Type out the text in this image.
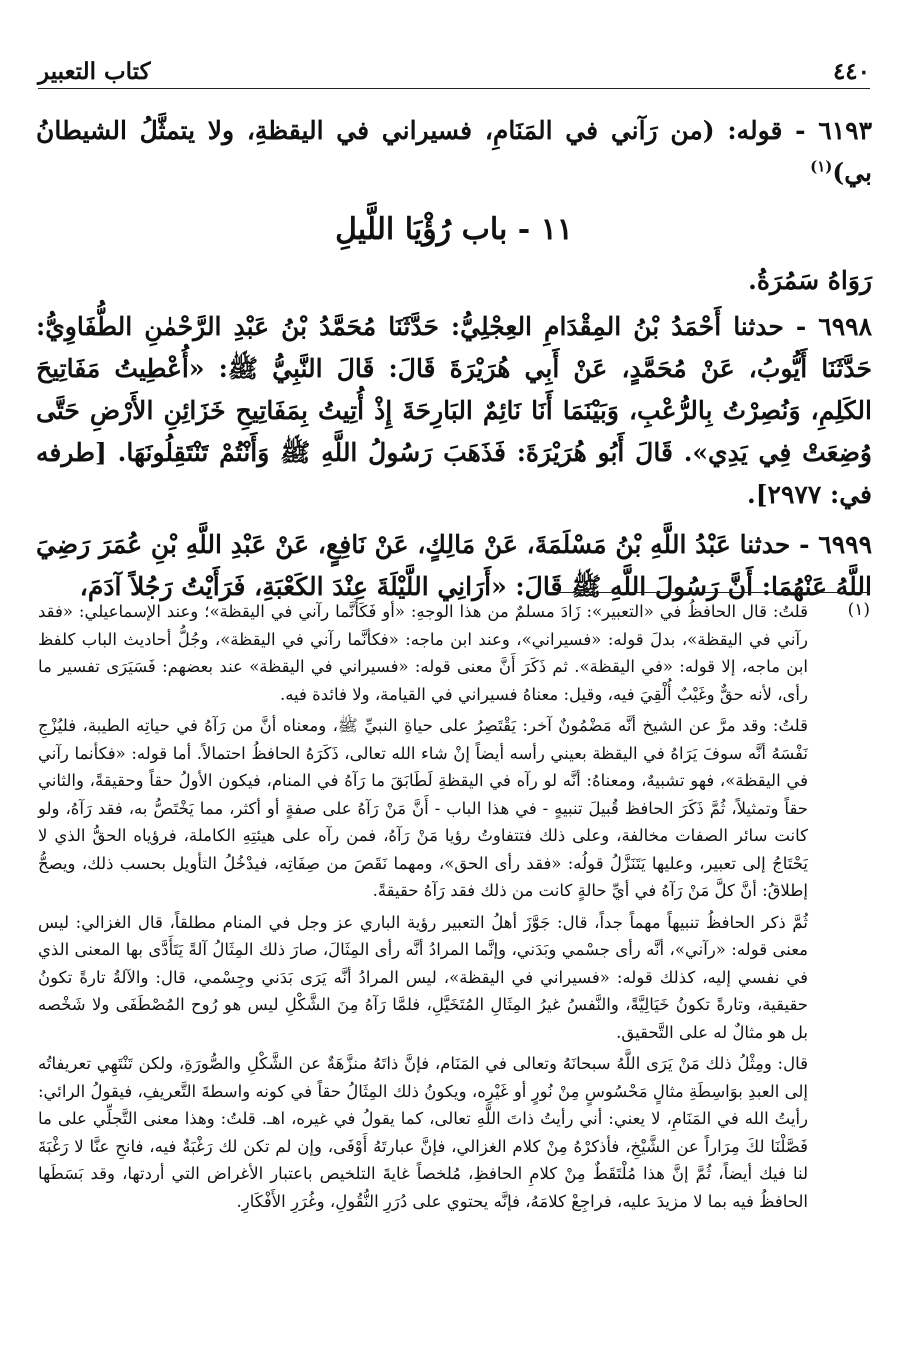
٤٤٠
كتاب التعبير

٦١٩٣ - قوله: (من رَآني في المَنَامِ، فسيراني في اليقظةِ، ولا يتمثَّلُ الشيطانُ بي)$^{(١)}$

١١ - باب رُؤْيَا اللَّيلِ

رَوَاهُ سَمُرَةُ.

٦٩٩٨ - حدثنا أَحْمَدُ بْنُ المِقْدَامِ العِجْلِيُّ: حَدَّثَنَا مُحَمَّدُ بْنُ عَبْدِ الرَّحْمٰنِ الطُّفَاوِيُّ: حَدَّثَنَا أَيُّوبُ، عَنْ مُحَمَّدٍ، عَنْ أَبِي هُرَيْرَةَ قَالَ: قَالَ النَّبِيُّ ﷺ: «أُعْطِيتُ مَفَاتِيحَ الكَلِمِ، وَنُصِرْتُ بِالرُّعْبِ، وَبَيْنَمَا أَنَا نَائِمٌ البَارِحَةَ إِذْ أُتِيتُ بِمَفَاتِيحِ خَزَائِنِ الأَرْضِ حَتَّى وُضِعَتْ فِي يَدِي». قَالَ أَبُو هُرَيْرَةَ: فَذَهَبَ رَسُولُ اللَّهِ ﷺ وَأَنْتُمْ تَنْتَقِلُونَهَا. [طرفه في: ٢٩٧٧].

٦٩٩٩ - حدثنا عَبْدُ اللَّهِ بْنُ مَسْلَمَةَ، عَنْ مَالِكٍ، عَنْ نَافِعٍ، عَنْ عَبْدِ اللَّهِ بْنِ عُمَرَ رَضِيَ اللَّهُ عَنْهُمَا: أَنَّ رَسُولَ اللَّهِ ﷺ قَالَ: «أَرَانِي اللَّيْلَةَ عِنْدَ الكَعْبَةِ، فَرَأَيْتُ رَجُلاً آدَمَ،

(١)

قلتُ: قال الحافظُ في «التعبير»: زَادَ مسلمٌ من هذا الوجهِ: «أو فَكَأَنَّما رآني في اليقظة»؛ وعند الإسماعيلي: «فقد رآني في اليقظة»، بدلَ قوله: «فسيراني»، وعند ابن ماجه: «فكأنَّما رآني في اليقظة»، وجُلُّ أحاديث الباب كلفظ ابن ماجه، إلا قوله: «في اليقظة». ثم ذَكَرَ أَنَّ معنى قوله: «فسيراني في اليقظة» عند بعضهم: فَسَيَرَى تفسير ما رأى، لأنه حقٌّ وغَيْبٌ أُلْقِيَ فيه، وقيل: معناهُ فسيراني في القيامة، ولا فائدة فيه.

قلتُ: وقد مرَّ عن الشيخ أنَّه مَضْمُونٌ آخر: يَقْتَصِرُ على حياةِ النبيِّ ﷺ، ومعناه أنَّ من رَآهُ في حياتِه الطيبة، فليُزْجِ نَفْسَهُ أنَّه سوفَ يَرَاهُ في اليقظة بعيني رأسه أيضاً إنْ شاء الله تعالى، ذَكَرَهُ الحافظُ احتمالاً. أما قوله: «فكأنما رآني في اليقظة»، فهو تشبيهٌ، ومعناهُ: أنَّه لو رآه في اليقظةِ لَطَابَقَ ما رَآهُ في المنام، فيكون الأولُ حقاً وحقيقةً، والثاني حقاً وتمثيلاً، ثُمَّ ذَكَرَ الحافظ قُبيلَ تنبيهٍ - في هذا الباب - أَنَّ مَنْ رَآهُ على صفةٍ أو أكثر، مما يَخْتَصُّ به، فقد رَآهُ، ولو كانت سائر الصفات مخالفة، وعلى ذلك فتتفاوتُ رؤيا مَنْ رَآهُ، فمن رآه على هيئتِهِ الكاملة، فرؤياه الحقُّ الذي لا يَحْتَاجُ إلى تعبير، وعليها يَتَنَزَّلُ قولُه: «فقد رأى الحق»، ومهما نَقَصَ من صِفَاتِه، فيدْخُلُ التأويل بحسب ذلك، ويصحُّ إطلاقُ: أنَّ كلَّ مَنْ رَآهُ في أيِّ حالةٍ كانت من ذلك فقد رَآهُ حقيقةً.

ثُمَّ ذكر الحافظُ تنبيهاً مهماً جداً، قال: جَوَّزَ أهلُ التعبير رؤية الباري عز وجل في المنام مطلقاً، قال الغزالي: ليس معنى قوله: «رآني»، أنَّه رأى جسْمي وبَدَني، وإنَّما المرادُ أنَّه رأى المِثَالَ، صارَ ذلك المِثَالُ آلةً يَتَأَدَّى بها المعنى الذي في نفسي إليه، كذلك قوله: «فسيراني في اليقظة»، ليس المرادُ أنَّه يَرَى بَدَني وجِسْمي، قال: والآلةُ تارةً تكونُ حقيقية، وتارةً تكونُ خَيَالِيَّةً، والنَّفسُ غيرُ المِثَالِ المُتَخَيَّلِ، فلمَّا رَآهُ مِنَ الشَّكْلِ ليس هو رُوح المُصْطَفَى ولا شَخْصه بل هو مثالٌ له على التَّحقيق.

قال: ومِثْلُ ذلك مَنْ يَرَى اللَّهُ سبحانَهُ وتعالى في المَنَام، فإنَّ ذاتَهُ منزَّهَةٌ عن الشَّكْلِ والصُّورَةِ، ولكن تَنْتَهِي تعريفاتُه إلى العبدِ بوَاسِطَةِ مثالٍ مَحْسُوسٍ مِنْ نُورٍ أو غَيْرِه، ويكونُ ذلك المِثَالُ حقاً في كونه واسطةَ التَّعريفِ، فيقولُ الرائي: رأيتُ الله في المَنَامِ، لا يعني: أني رأيتُ ذاتَ اللَّهِ تعالى، كما يقولُ في غيره، اهـ. قلتُ: وهذا معنى التَّجلِّي على ما فَصَّلْنَا لكَ مِرَاراً عن الشَّيْخِ، فأذكرْهُ مِنْ كلام الغزالي، فإنَّ عبارتَهُ أَوْفَى، وإن لم تكن لك رَغْبَةٌ فيه، فانحِ عنَّا لا رَغْبَةَ لنا فيك أيضاً، ثُمَّ إنَّ هذا مُلْتَقَطٌ مِنْ كلامِ الحافظِ، مُلخصاً غايةَ التلخيص باعتبار الأغراض التي أردتها، وقد بَسَطَها الحافظُ فيه بما لا مزيدَ عليه، فراجِعْ كلامَهُ، فإنَّه يحتوي على دُرَرِ النُّقُولِ، وغُرَرِ الأَفْكَارِ.
